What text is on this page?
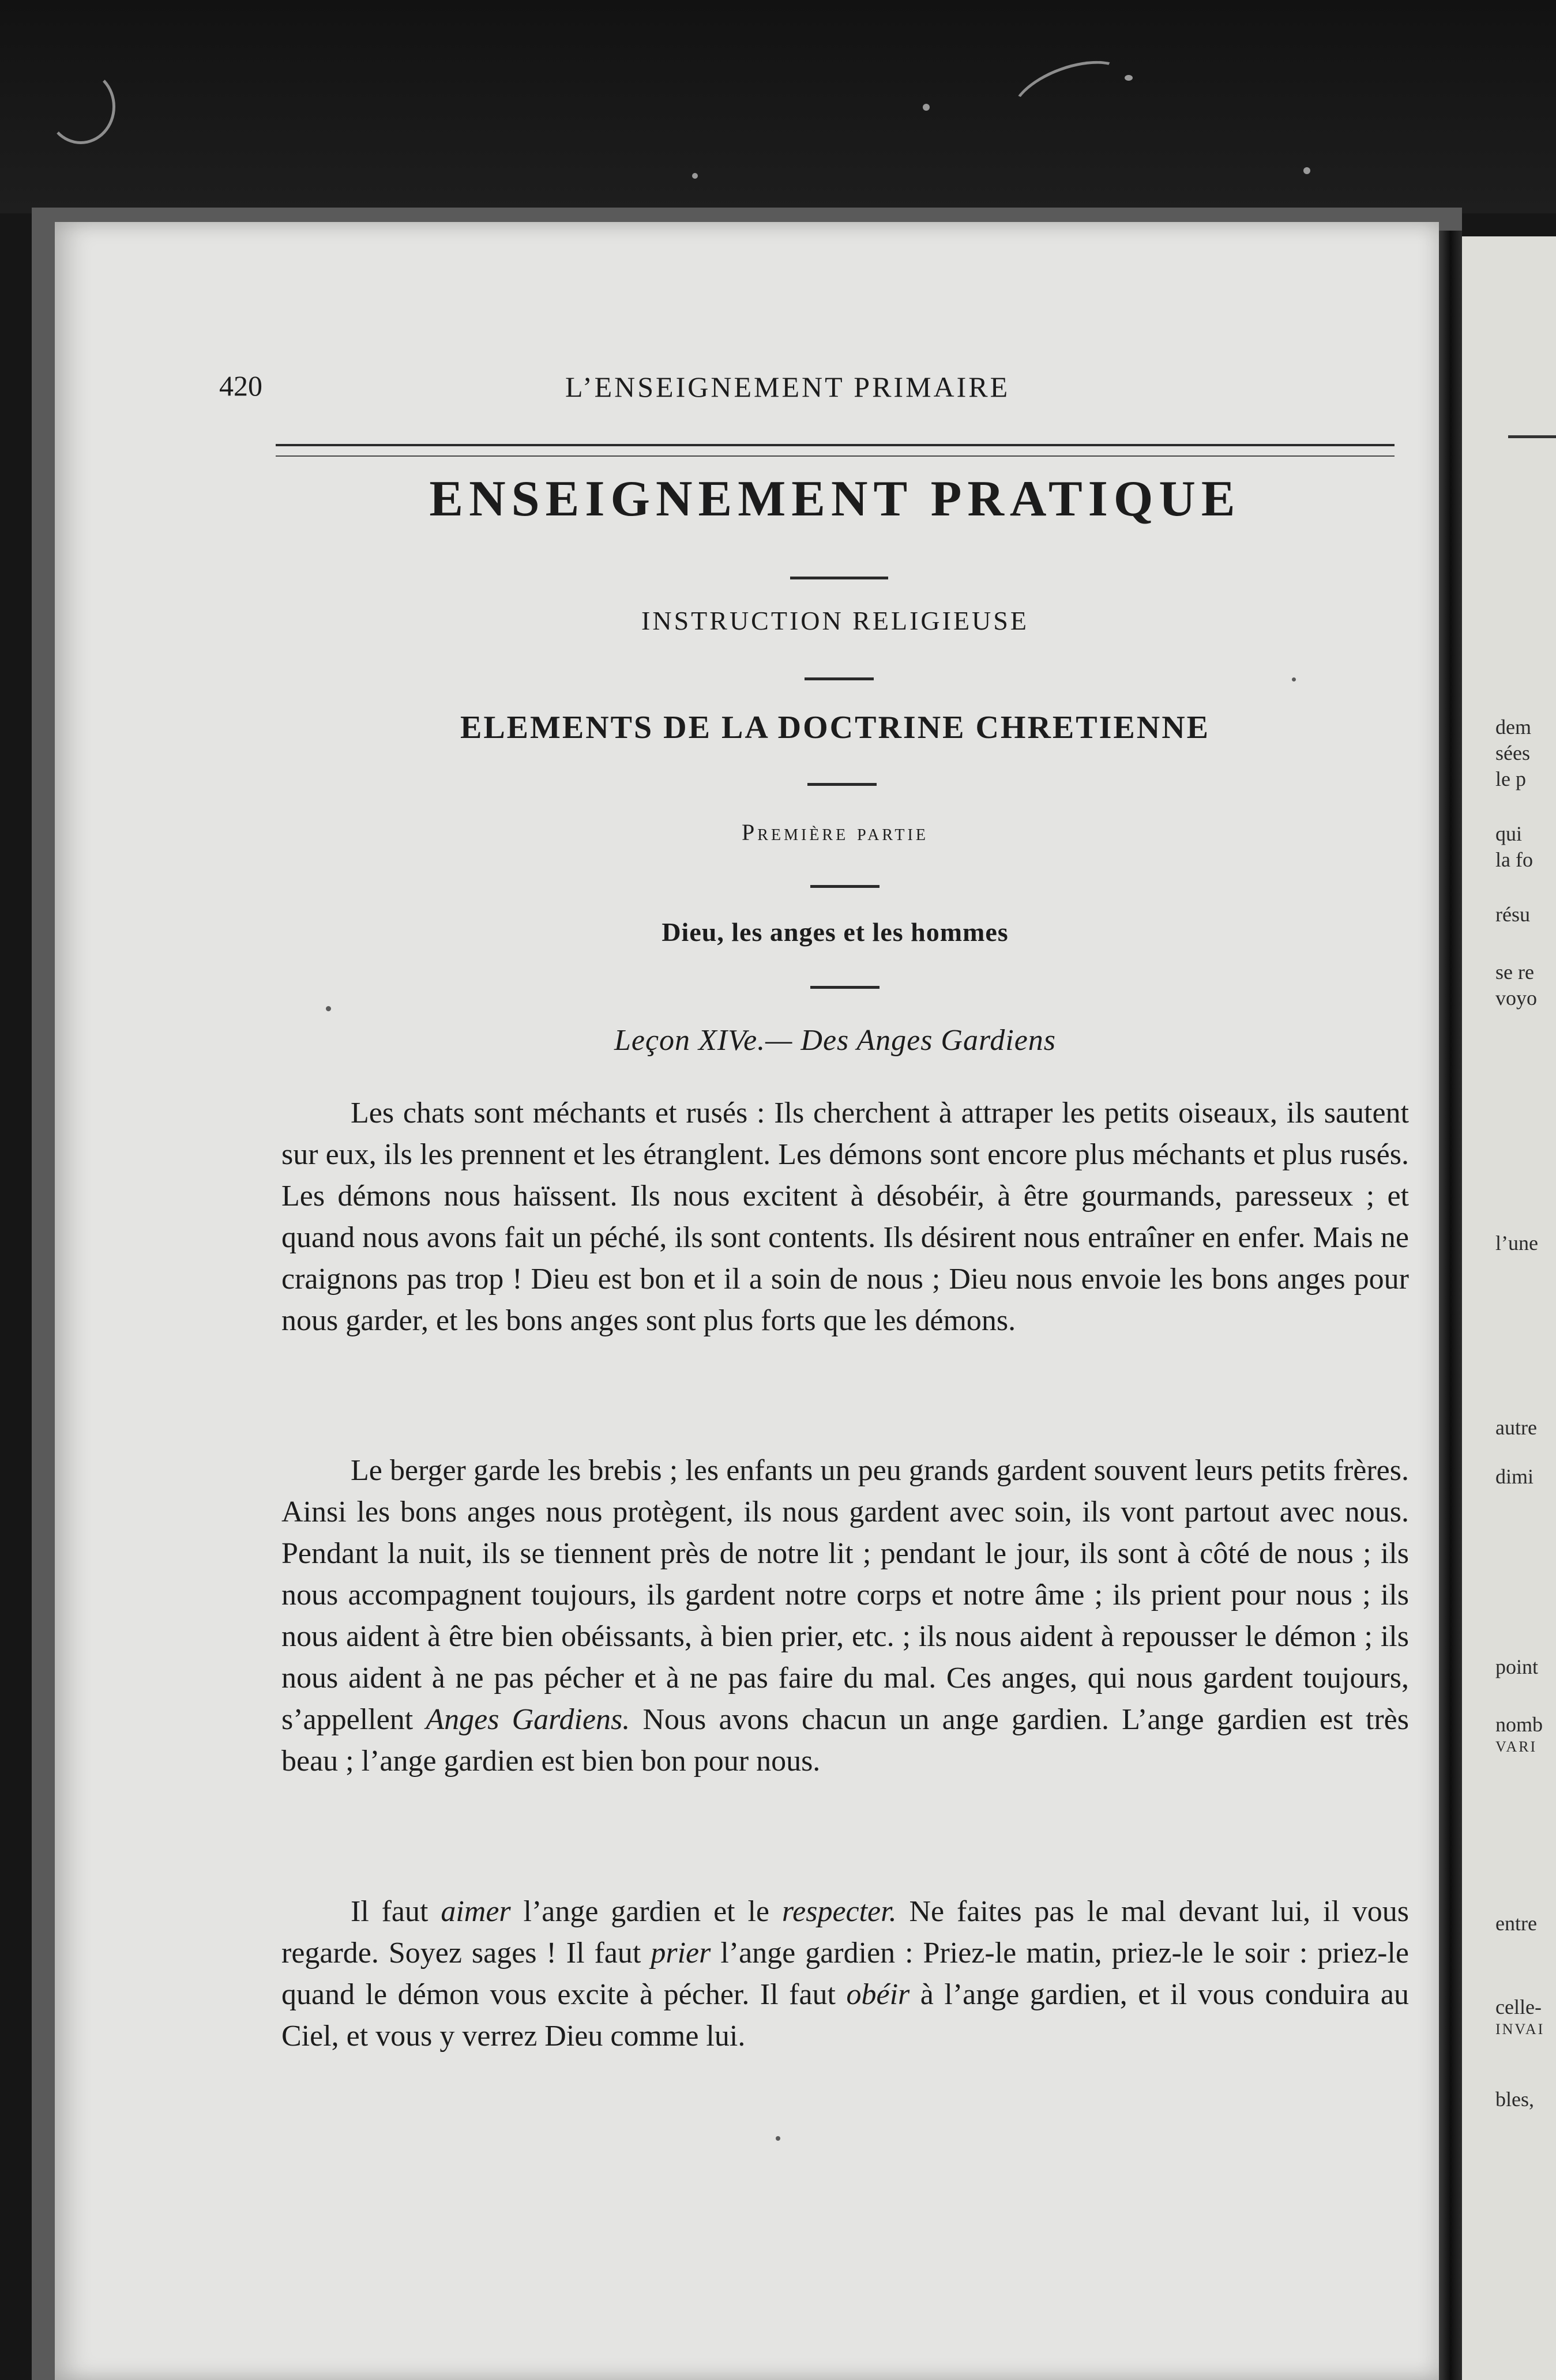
dem
sées
le p
qui
la fo
résu
se re
voyo
l’une
autre
dimi
point
nomb
VARI
entre
celle-
INVAI
bles,
420	L’ENSEIGNEMENT PRIMAIRE
ENSEIGNEMENT PRATIQUE
INSTRUCTION RELIGIEUSE
ELEMENTS DE LA DOCTRINE CHRETIENNE
Première partie
Dieu, les anges et les hommes
Leçon XIVe.— Des Anges Gardiens

Les chats sont méchants et rusés : Ils cherchent à attraper les petits oiseaux, ils sautent sur eux, ils les prennent et les étranglent. Les démons sont encore plus méchants et plus rusés. Les démons nous haïssent. Ils nous excitent à désobéir, à être gourmands, paresseux ; et quand nous avons fait un péché, ils sont contents. Ils désirent nous entraîner en enfer. Mais ne craignons pas trop ! Dieu est bon et il a soin de nous ; Dieu nous envoie les bons anges pour nous garder, et les bons anges sont plus forts que les démons.

Le berger garde les brebis ; les enfants un peu grands gardent souvent leurs petits frères. Ainsi les bons anges nous protègent, ils nous gardent avec soin, ils vont partout avec nous. Pendant la nuit, ils se tiennent près de notre lit ; pendant le jour, ils sont à côté de nous ; ils nous accompagnent toujours, ils gardent notre corps et notre âme ; ils prient pour nous ; ils nous aident à être bien obéissants, à bien prier, etc. ; ils nous aident à repousser le démon ; ils nous aident à ne pas pécher et à ne pas faire du mal. Ces anges, qui nous gardent toujours, s’appellent Anges Gardiens. Nous avons chacun un ange gardien. L’ange gardien est très beau ; l’ange gardien est bien bon pour nous.

Il faut aimer l’ange gardien et le respecter. Ne faites pas le mal devant lui, il vous regarde. Soyez sages ! Il faut prier l’ange gardien : Priez-le matin, priez-le le soir : priez-le quand le démon vous excite à pécher. Il faut obéir à l’ange gardien, et il vous conduira au Ciel, et vous y verrez Dieu comme lui.
